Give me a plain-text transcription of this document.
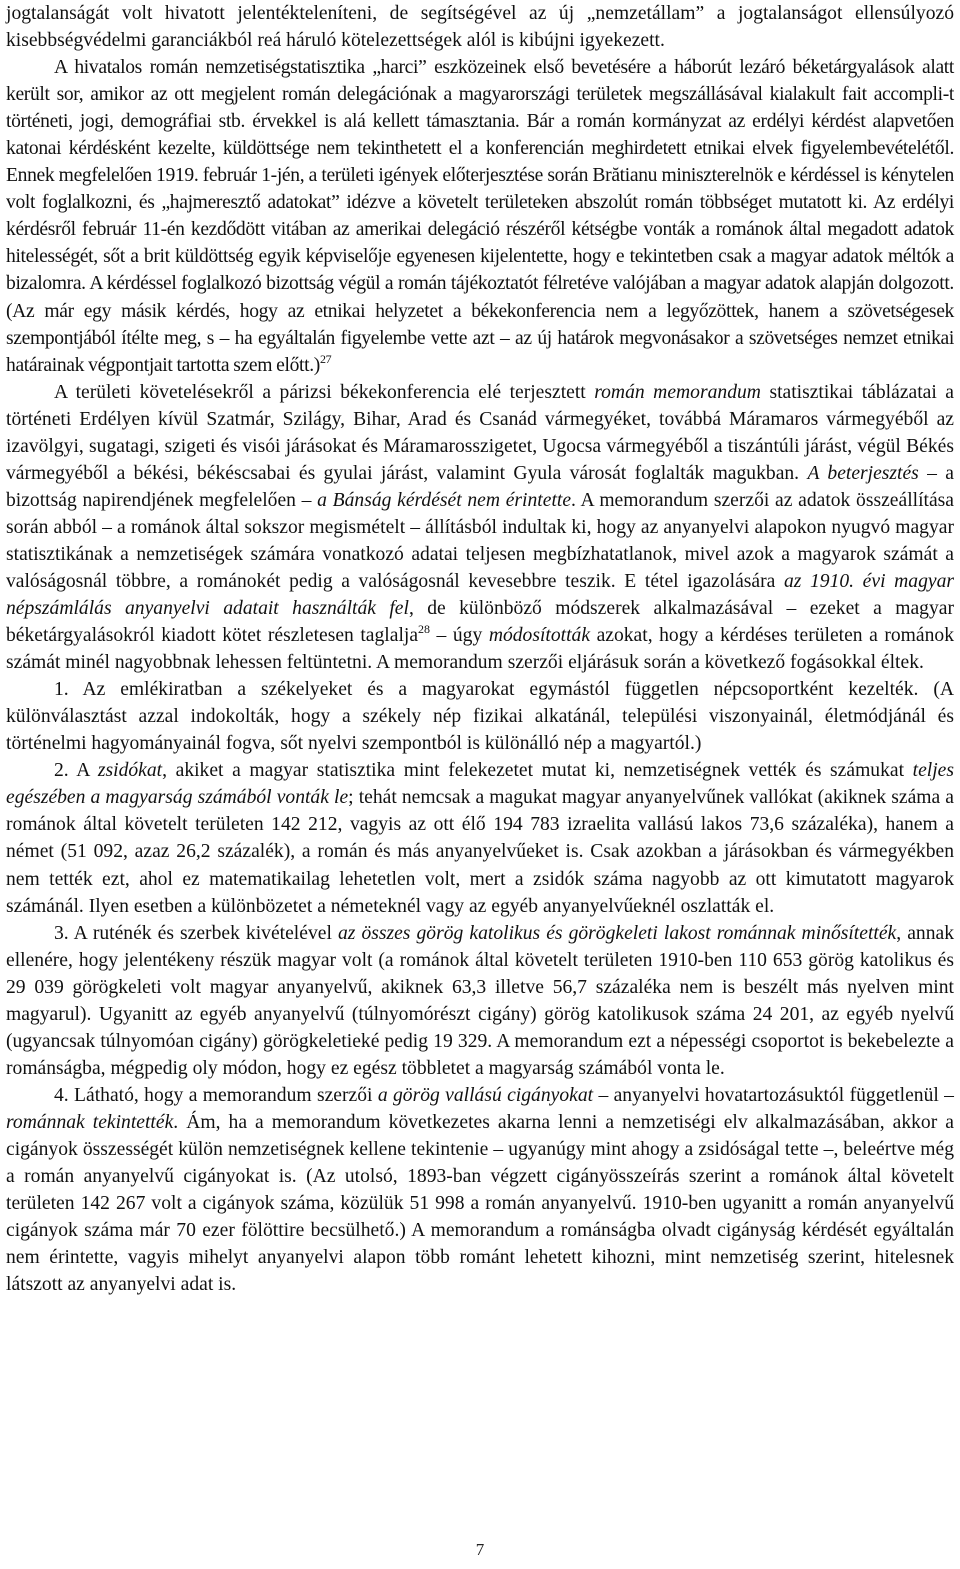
jogtalanságát volt hivatott jelentékteleníteni, de segítségével az új „nemzetállam” a jogtalanságot ellensúlyozó kisebbségvédelmi garanciákból reá háruló kötelezettségek alól is kibújni igyekezett.

A hivatalos román nemzetiségstatisztika „harci” eszközeinek első bevetésére a háborút lezáró béketárgyalások alatt került sor, amikor az ott megjelent román delegációnak a magyarországi területek megszállásával kialakult fait accompli-t történeti, jogi, demográfiai stb. érvekkel is alá kellett támasztania. Bár a román kormányzat az erdélyi kérdést alapvetően katonai kérdésként kezelte, küldöttsége nem tekinthetett el a konferencián meghirdetett etnikai elvek figyelembevételétől. Ennek megfelelően 1919. február 1-jén, a területi igények előterjesztése során Brătianu miniszterelnök e kérdéssel is kénytelen volt foglalkozni, és „hajmeresztő adatokat” idézve a követelt területeken abszolút román többséget mutatott ki. Az erdélyi kérdésről február 11-én kezdődött vitában az amerikai delegáció részéről kétségbe vonták a románok által megadott adatok hitelességét, sőt a brit küldöttség egyik képviselője egyenesen kijelentette, hogy e tekintetben csak a magyar adatok méltók a bizalomra. A kérdéssel foglalkozó bizottság végül a román tájékoztatót félretéve valójában a magyar adatok alapján dolgozott. (Az már egy másik kérdés, hogy az etnikai helyzetet a békekonferencia nem a legyőzöttek, hanem a szövetségesek szempontjából ítélte meg, s – ha egyáltalán figyelembe vette azt – az új határok megvonásakor a szövetséges nemzet etnikai határainak végpontjait tartotta szem előtt.)$^{27}$

A területi követelésekről a párizsi békekonferencia elé terjesztett román memorandum statisztikai táblázatai a történeti Erdélyen kívül Szatmár, Szilágy, Bihar, Arad és Csanád vármegyéket, továbbá Máramaros vármegyéből az izavölgyi, sugatagi, szigeti és visói járásokat és Máramarosszigetet, Ugocsa vármegyéből a tiszántúli járást, végül Békés vármegyéből a békési, békéscsabai és gyulai járást, valamint Gyula városát foglalták magukban. A beterjesztés – a bizottság napirendjének megfelelően – a Bánság kérdését nem érintette. A memorandum szerzői az adatok összeállítása során abból – a románok által sokszor megismételt – állításból indultak ki, hogy az anyanyelvi alapokon nyugvó magyar statisztikának a nemzetiségek számára vonatkozó adatai teljesen megbízhatatlanok, mivel azok a magyarok számát a valóságosnál többre, a románokét pedig a valóságosnál kevesebbre teszik. E tétel igazolására az 1910. évi magyar népszámlálás anyanyelvi adatait használták fel, de különböző módszerek alkalmazásával – ezeket a magyar béketárgyalásokról kiadott kötet részletesen taglalja$^{28}$ – úgy módosították azokat, hogy a kérdéses területen a románok számát minél nagyobbnak lehessen feltüntetni. A memorandum szerzői eljárásuk során a következő fogásokkal éltek.

1. Az emlékiratban a székelyeket és a magyarokat egymástól független népcsoportként kezelték. (A különválasztást azzal indokolták, hogy a székely nép fizikai alkatánál, települési viszonyainál, életmódjánál és történelmi hagyományainál fogva, sőt nyelvi szempontból is különálló nép a magyartól.)

2. A zsidókat, akiket a magyar statisztika mint felekezetet mutat ki, nemzetiségnek vették és számukat teljes egészében a magyarság számából vonták le; tehát nemcsak a magukat magyar anyanyelvűnek vallókat (akiknek száma a románok által követelt területen 142 212, vagyis az ott élő 194 783 izraelita vallású lakos 73,6 százaléka), hanem a német (51 092, azaz 26,2 százalék), a román és más anyanyelvűeket is. Csak azokban a járásokban és vármegyékben nem tették ezt, ahol ez matematikailag lehetetlen volt, mert a zsidók száma nagyobb az ott kimutatott magyarok számánál. Ilyen esetben a különbözetet a németeknél vagy az egyéb anyanyelvűeknél oszlatták el.

3. A ruténék és szerbek kivételével az összes görög katolikus és görögkeleti lakost románnak minősítették, annak ellenére, hogy jelentékeny részük magyar volt (a románok által követelt területen 1910-ben 110 653 görög katolikus és 29 039 görögkeleti volt magyar anyanyelvű, akiknek 63,3 illetve 56,7 százaléka nem is beszélt más nyelven mint magyarul). Ugyanitt az egyéb anyanyelvű (túlnyomórészt cigány) görög katolikusok száma 24 201, az egyéb nyelvű (ugyancsak túlnyomóan cigány) görögkeletieké pedig 19 329. A memorandum ezt a népességi csoportot is bekebelezte a románságba, mégpedig oly módon, hogy ez egész többletet a magyarság számából vonta le.

4. Látható, hogy a memorandum szerzői a görög vallású cigányokat – anyanyelvi hovatartozásuktól függetlenül – románnak tekintették. Ám, ha a memorandum következetes akarna lenni a nemzetiségi elv alkalmazásában, akkor a cigányok összességét külön nemzetiségnek kellene tekintenie – ugyanúgy mint ahogy a zsidóságal tette –, beleértve még a román anyanyelvű cigányokat is. (Az utolsó, 1893-ban végzett cigányösszeírás szerint a románok által követelt területen 142 267 volt a cigányok száma, közülük 51 998 a román anyanyelvű. 1910-ben ugyanitt a román anyanyelvű cigányok száma már 70 ezer fölöttire becsülhető.) A memorandum a románságba olvadt cigányság kérdését egyáltalán nem érintette, vagyis mihelyt anyanyelvi alapon több románt lehetett kihozni, mint nemzetiség szerint, hitelesnek látszott az anyanyelvi adat is.

7
